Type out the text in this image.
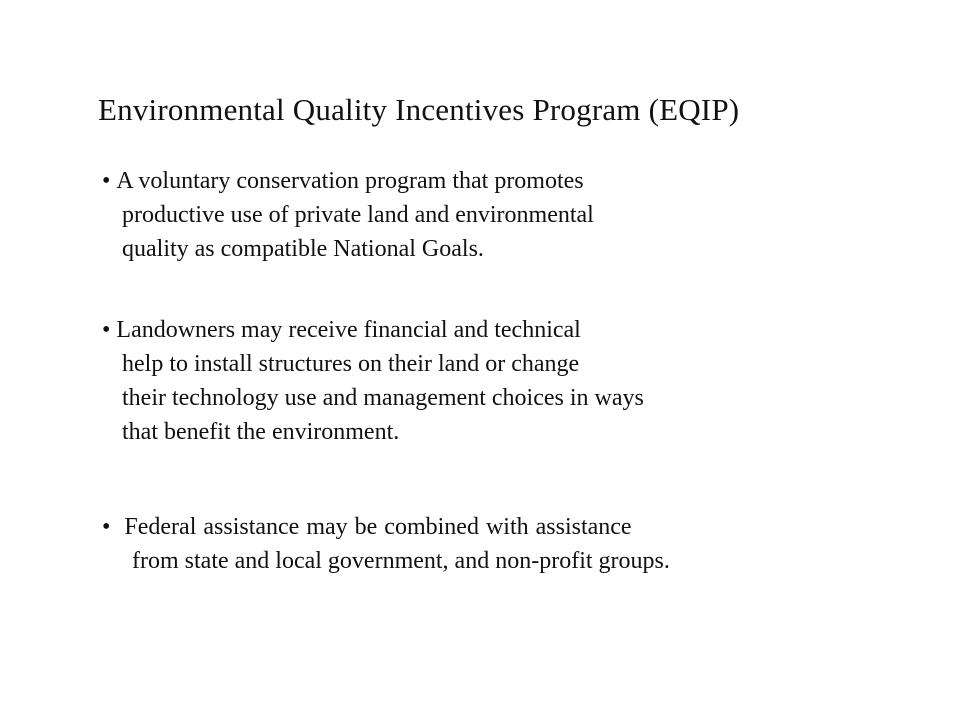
Environmental Quality Incentives Program (EQIP)
• A voluntary conservation program that promotes
productive use of private land and environmental
quality as compatible National Goals.
• Landowners may receive financial and technical
help to install structures on their land or change
their technology use and management choices in ways
that benefit the environment.
• Federal assistance may be combined with assistance
from state and local government, and non-profit groups.
